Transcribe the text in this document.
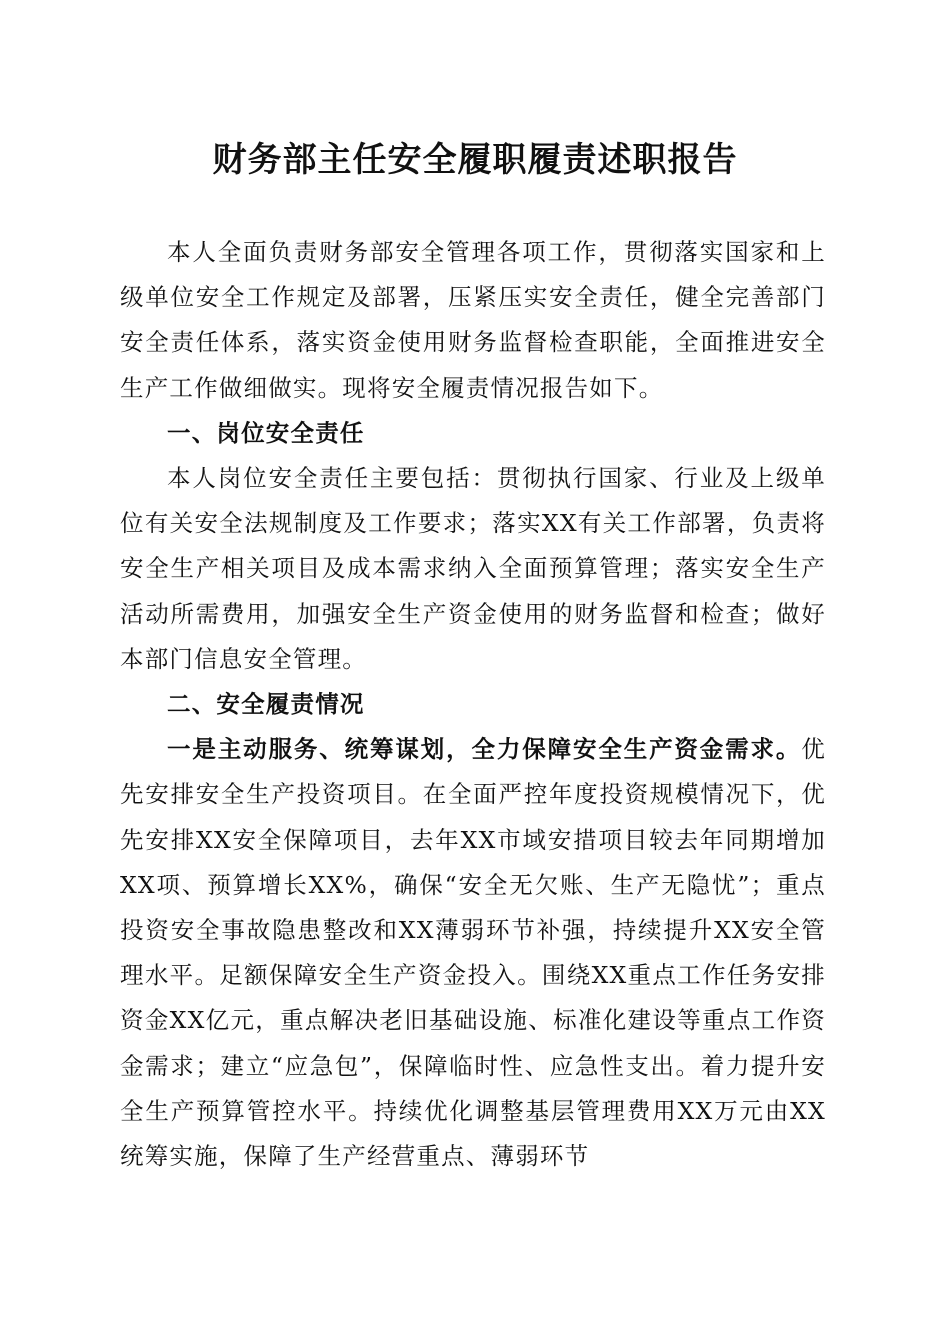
财务部主任安全履职履责述职报告

本人全面负责财务部安全管理各项工作，贯彻落实国家和上级单位安全工作规定及部署，压紧压实安全责任，健全完善部门安全责任体系，落实资金使用财务监督检查职能，全面推进安全生产工作做细做实。现将安全履责情况报告如下。

一、岗位安全责任

本人岗位安全责任主要包括：贯彻执行国家、行业及上级单位有关安全法规制度及工作要求；落实XX有关工作部署，负责将安全生产相关项目及成本需求纳入全面预算管理；落实安全生产活动所需费用，加强安全生产资金使用的财务监督和检查；做好本部门信息安全管理。

二、安全履责情况

一是主动服务、统筹谋划，全力保障安全生产资金需求。优先安排安全生产投资项目。在全面严控年度投资规模情况下，优先安排XX安全保障项目，去年XX市域安措项目较去年同期增加XX项、预算增长XX%，确保“安全无欠账、生产无隐忧”；重点投资安全事故隐患整改和XX薄弱环节补强，持续提升XX安全管理水平。足额保障安全生产资金投入。围绕XX重点工作任务安排资金XX亿元，重点解决老旧基础设施、标准化建设等重点工作资金需求；建立“应急包”，保障临时性、应急性支出。着力提升安全生产预算管控水平。持续优化调整基层管理费用XX万元由XX统筹实施，保障了生产经营重点、薄弱环节
